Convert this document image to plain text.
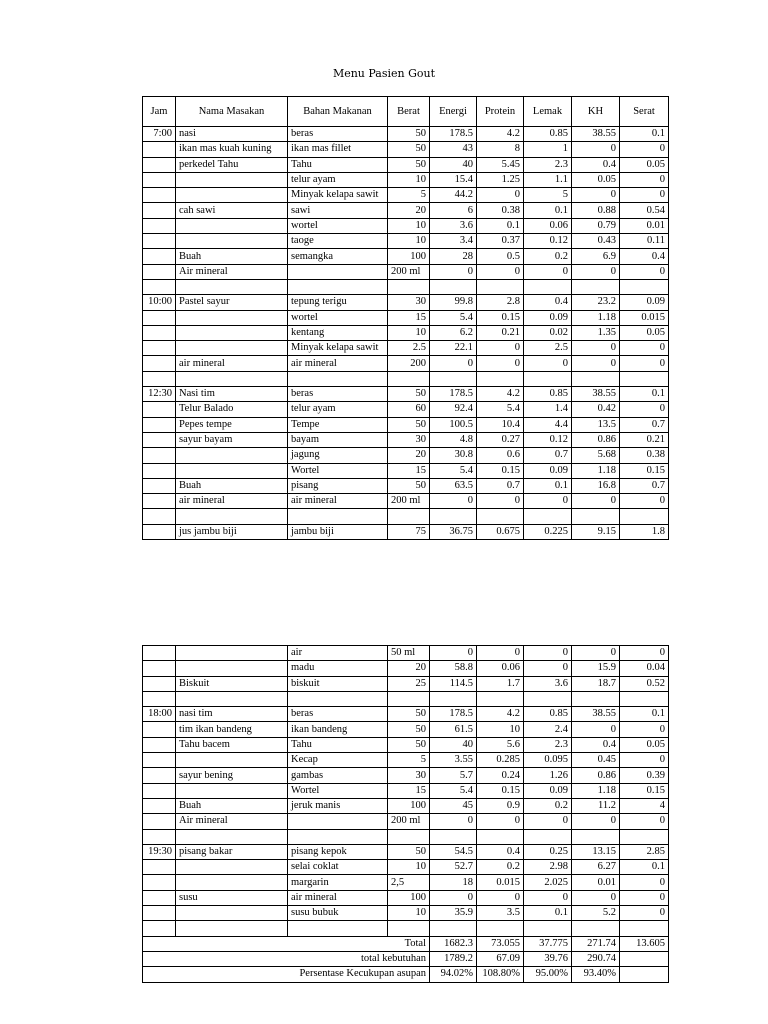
Menu Pasien Gout
Jam	Nama Masakan	Bahan Makanan	Berat	Energi	Protein	Lemak	KH	Serat
7:00	nasi	beras	50	178.5	4.2	0.85	38.55	0.1
	ikan mas kuah kuning	ikan mas fillet	50	43	8	1	0	0
	perkedel Tahu	Tahu	50	40	5.45	2.3	0.4	0.05
		telur ayam	10	15.4	1.25	1.1	0.05	0
		Minyak kelapa sawit	5	44.2	0	5	0	0
	cah sawi	sawi	20	6	0.38	0.1	0.88	0.54
		wortel	10	3.6	0.1	0.06	0.79	0.01
		taoge	10	3.4	0.37	0.12	0.43	0.11
	Buah	semangka	100	28	0.5	0.2	6.9	0.4
	Air mineral		200 ml	0	0	0	0	0

10:00	Pastel sayur	tepung terigu	30	99.8	2.8	0.4	23.2	0.09
		wortel	15	5.4	0.15	0.09	1.18	0.015
		kentang	10	6.2	0.21	0.02	1.35	0.05
		Minyak kelapa sawit	2.5	22.1	0	2.5	0	0
	air mineral	air mineral	200	0	0	0	0	0

12:30	Nasi tim	beras	50	178.5	4.2	0.85	38.55	0.1
	Telur Balado	telur ayam	60	92.4	5.4	1.4	0.42	0
	Pepes tempe	Tempe	50	100.5	10.4	4.4	13.5	0.7
	sayur bayam	bayam	30	4.8	0.27	0.12	0.86	0.21
		jagung	20	30.8	0.6	0.7	5.68	0.38
		Wortel	15	5.4	0.15	0.09	1.18	0.15
	Buah	pisang	50	63.5	0.7	0.1	16.8	0.7
	air mineral	air mineral	200 ml	0	0	0	0	0

	jus jambu biji	jambu biji	75	36.75	0.675	0.225	9.15	1.8
		air	50 ml	0	0	0	0	0
		madu	20	58.8	0.06	0	15.9	0.04
	Biskuit	biskuit	25	114.5	1.7	3.6	18.7	0.52

18:00	nasi tim	beras	50	178.5	4.2	0.85	38.55	0.1
	tim ikan bandeng	ikan bandeng	50	61.5	10	2.4	0	0
	Tahu bacem	Tahu	50	40	5.6	2.3	0.4	0.05
		Kecap	5	3.55	0.285	0.095	0.45	0
	sayur bening	gambas	30	5.7	0.24	1.26	0.86	0.39
		Wortel	15	5.4	0.15	0.09	1.18	0.15
	Buah	jeruk manis	100	45	0.9	0.2	11.2	4
	Air mineral		200 ml	0	0	0	0	0

19:30	pisang bakar	pisang kepok	50	54.5	0.4	0.25	13.15	2.85
		selai coklat	10	52.7	0.2	2.98	6.27	0.1
		margarin	2,5	18	0.015	2.025	0.01	0
	susu	air mineral	100	0	0	0	0	0
		susu bubuk	10	35.9	3.5	0.1	5.2	0

Total				1682.3	73.055	37.775	271.74	13.605
total kebutuhan				1789.2	67.09	39.76	290.74	
Persentase Kecukupan asupan				94.02%	108.80%	95.00%	93.40%	
